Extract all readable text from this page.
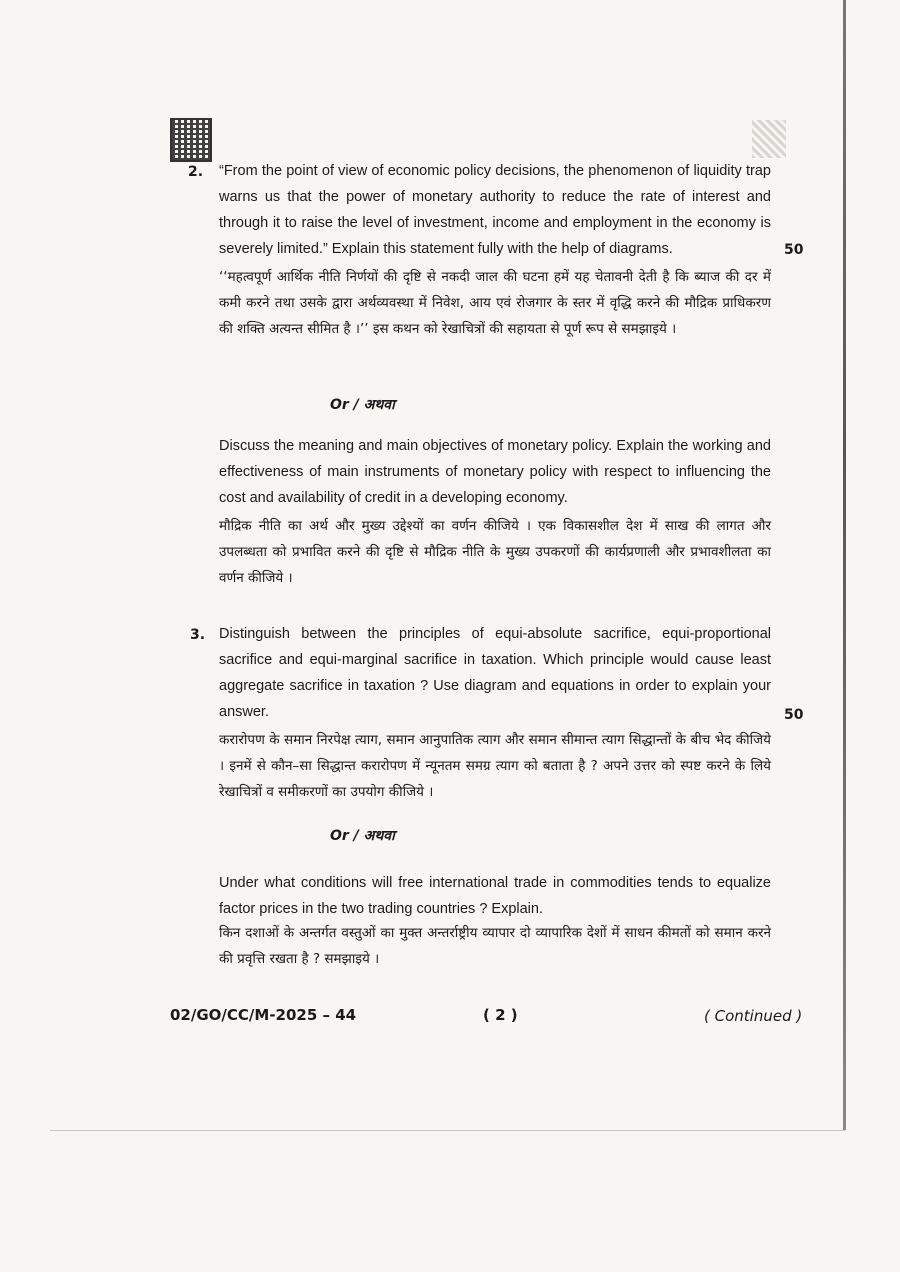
2. “From the point of view of economic policy decisions, the phenomenon of liquidity trap warns us that the power of monetary authority to reduce the rate of interest and through it to raise the level of investment, income and employment in the economy is severely limited.” Explain this statement fully with the help of diagrams.	50

‘‘महत्वपूर्ण आर्थिक नीति निर्णयों की दृष्टि से नकदी जाल की घटना हमें यह चेतावनी देती है कि ब्याज की दर में कमी करने तथा उसके द्वारा अर्थव्यवस्था में निवेश, आय एवं रोजगार के स्तर में वृद्धि करने की मौद्रिक प्राधिकरण की शक्ति अत्यन्त सीमित है ।’’ इस कथन को रेखाचित्रों की सहायता से पूर्ण रूप से समझाइये ।

Or / अथवा

Discuss the meaning and main objectives of monetary policy. Explain the working and effectiveness of main instruments of monetary policy with respect to influencing the cost and availability of credit in a developing economy.

मौद्रिक नीति का अर्थ और मुख्य उद्देश्यों का वर्णन कीजिये । एक विकासशील देश में साख की लागत और उपलब्धता को प्रभावित करने की दृष्टि से मौद्रिक नीति के मुख्य उपकरणों की कार्यप्रणाली और प्रभावशीलता का वर्णन कीजिये ।

3. Distinguish between the principles of equi-absolute sacrifice, equi-proportional sacrifice and equi-marginal sacrifice in taxation. Which principle would cause least aggregate sacrifice in taxation ? Use diagram and equations in order to explain your answer.	50

करारोपण के समान निरपेक्ष त्याग, समान आनुपातिक त्याग और समान सीमान्त त्याग सिद्धान्तों के बीच भेद कीजिये । इनमें से कौन–सा सिद्धान्त करारोपण में न्यूनतम समग्र त्याग को बताता है ? अपने उत्तर को स्पष्ट करने के लिये रेखाचित्रों व समीकरणों का उपयोग कीजिये ।

Or / अथवा

Under what conditions will free international trade in commodities tends to equalize factor prices in the two trading countries ? Explain.

किन दशाओं के अन्तर्गत वस्तुओं का मुक्त अन्तर्राष्ट्रीय व्यापार दो व्यापारिक देशों में साधन कीमतों को समान करने की प्रवृत्ति रखता है ? समझाइये ।

02/GO/CC/M-2025 – 44	( 2 )	( Continued )
